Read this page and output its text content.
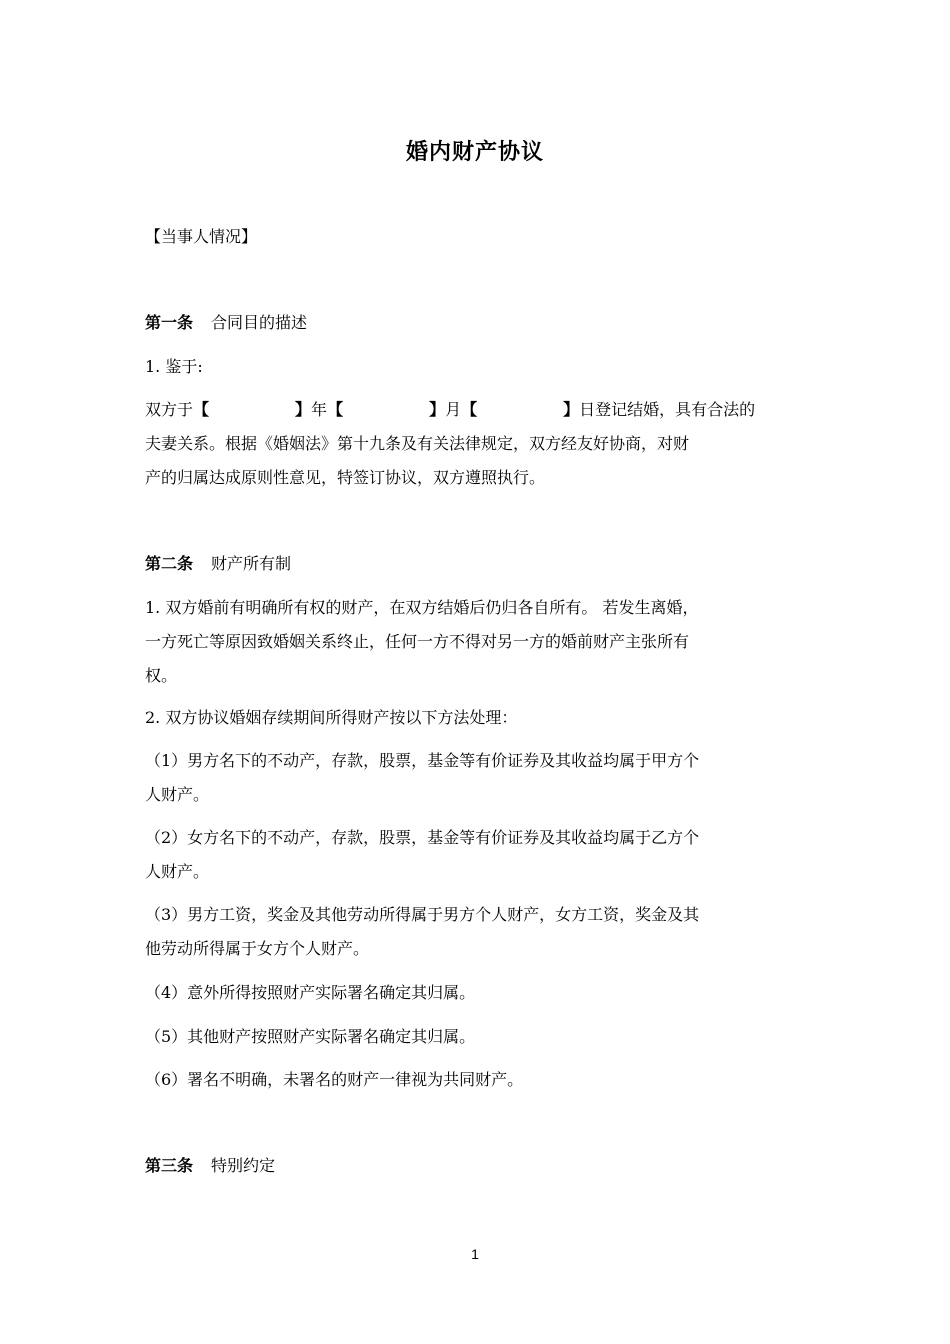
婚内财产协议

【当事人情况】

第一条 合同目的描述

1. 鉴于:

双方于【	】年【	】月【	】日登记结婚，具有合法的
夫妻关系。根据《婚姻法》第十九条及有关法律规定，双方经友好协商，对财
产的归属达成原则性意见，特签订协议，双方遵照执行。

第二条 财产所有制

1. 双方婚前有明确所有权的财产，在双方结婚后仍归各自所有。 若发生离婚，
一方死亡等原因致婚姻关系终止，任何一方不得对另一方的婚前财产主张所有
权。

2. 双方协议婚姻存续期间所得财产按以下方法处理：

（1）男方名下的不动产，存款，股票，基金等有价证券及其收益均属于甲方个
人财产。
（2）女方名下的不动产，存款，股票，基金等有价证券及其收益均属于乙方个
人财产。
（3）男方工资，奖金及其他劳动所得属于男方个人财产，女方工资，奖金及其
他劳动所得属于女方个人财产。

（4）意外所得按照财产实际署名确定其归属。

（5）其他财产按照财产实际署名确定其归属。

（6）署名不明确，未署名的财产一律视为共同财产。

第三条 特别约定

1
